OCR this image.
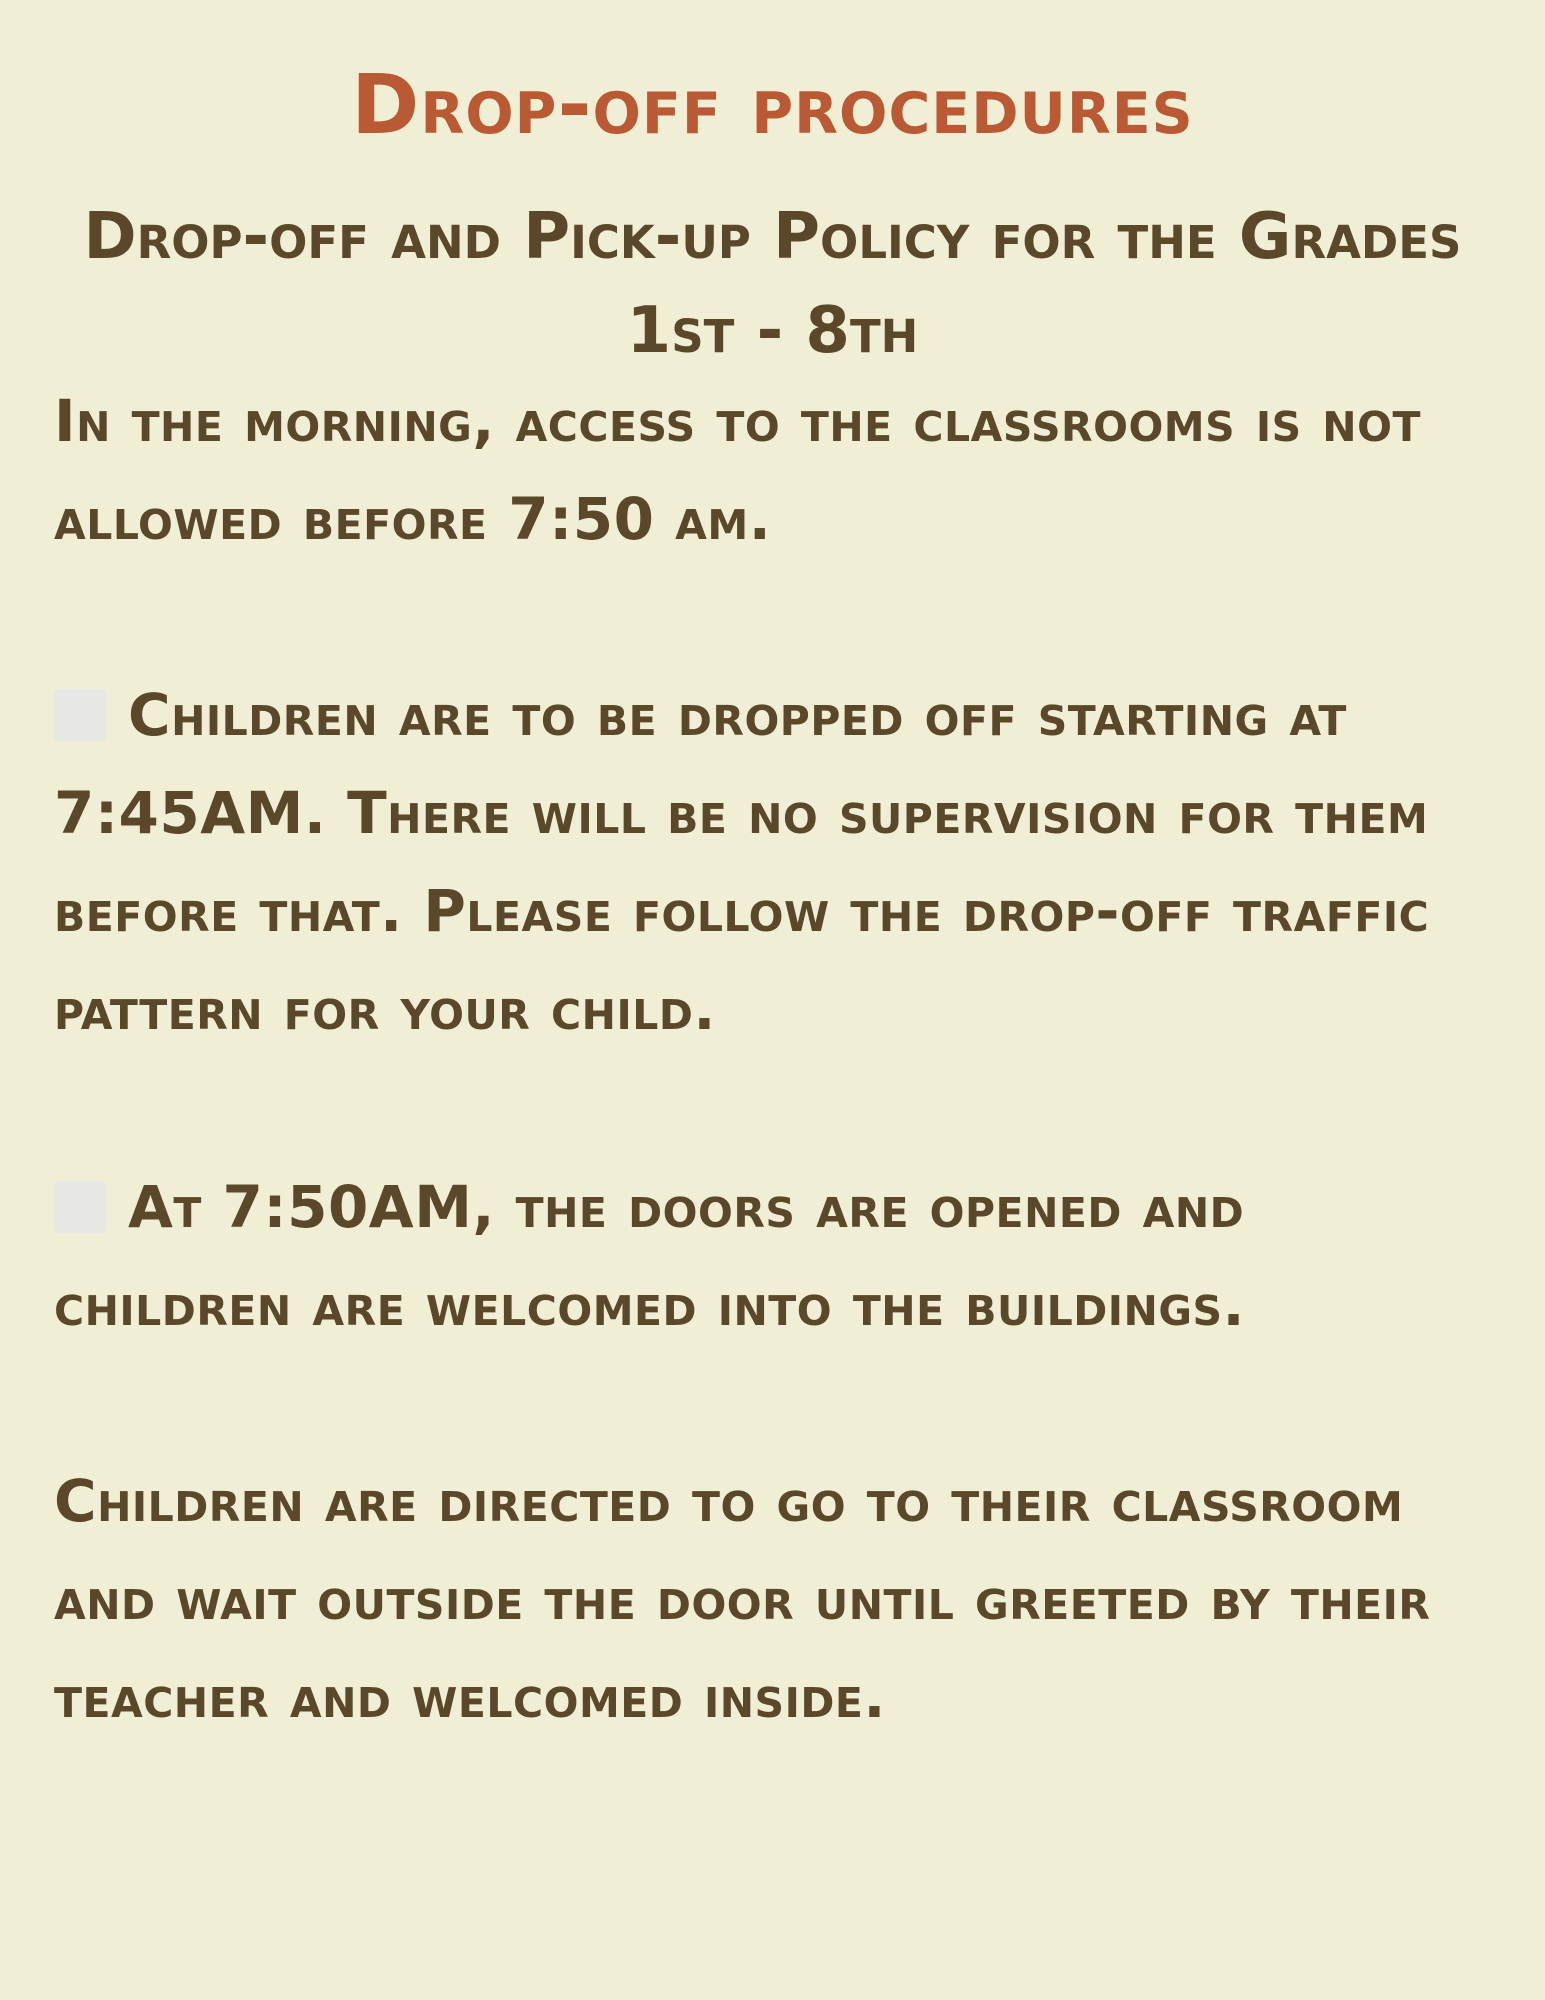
Drop-off procedures
Drop-off and Pick-up Policy for the Grades 1st - 8th

In the morning, access to the classrooms is not allowed before 7:50 am.

Children are to be dropped off starting at 7:45AM. There will be no supervision for them before that. Please follow the drop-off traffic pattern for your child.

At 7:50AM, the doors are opened and children are welcomed into the buildings.

Children are directed to go to their classroom and wait outside the door until greeted by their teacher and welcomed inside.
